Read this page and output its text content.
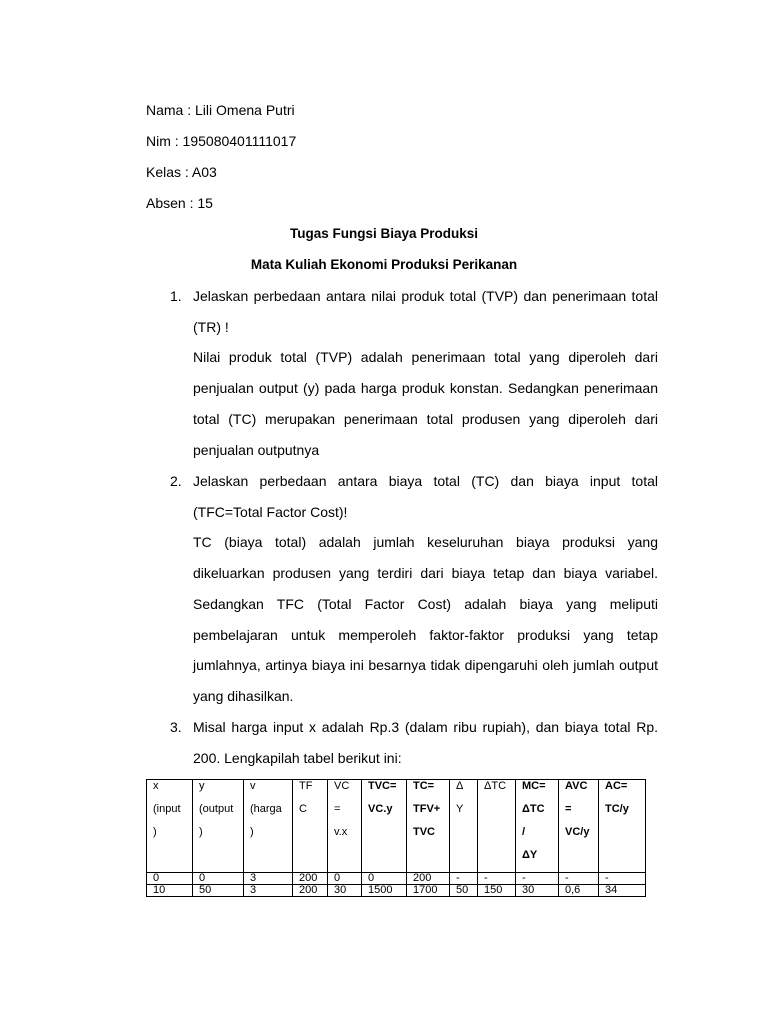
Nama : Lili Omena Putri
Nim : 195080401111017
Kelas : A03
Absen : 15
Tugas Fungsi Biaya Produksi
Mata Kuliah Ekonomi Produksi Perikanan
1. Jelaskan perbedaan antara nilai produk total (TVP) dan penerimaan total
(TR) !
Nilai produk total (TVP) adalah penerimaan total yang diperoleh dari
penjualan output (y) pada harga produk konstan. Sedangkan penerimaan
total (TC) merupakan penerimaan total produsen yang diperoleh dari
penjualan outputnya
2. Jelaskan perbedaan antara biaya total (TC) dan biaya input total
(TFC=Total Factor Cost)!
TC (biaya total) adalah jumlah keseluruhan biaya produksi yang
dikeluarkan produsen yang terdiri dari biaya tetap dan biaya variabel.
Sedangkan TFC (Total Factor Cost) adalah biaya yang meliputi
pembelajaran untuk memperoleh faktor-faktor produksi yang tetap
jumlahnya, artinya biaya ini besarnya tidak dipengaruhi oleh jumlah output
yang dihasilkan.
3. Misal harga input x adalah Rp.3 (dalam ribu rupiah), dan biaya total Rp.
200. Lengkapilah tabel berikut ini:
x
(input
)	y
(output
)	v
(harga
)	TF
C	VC
=
v.x	TVC=
VC.y	TC=
TFV+
TVC	Δ
Y	ΔTC	MC=
ΔTC
/
ΔY	AVC
=
VC/y	AC=
TC/y

0	0	3	200	0	0	200	-	-	-	-	-
10	50	3	200	30	1500	1700	50	150	30	0,6	34
